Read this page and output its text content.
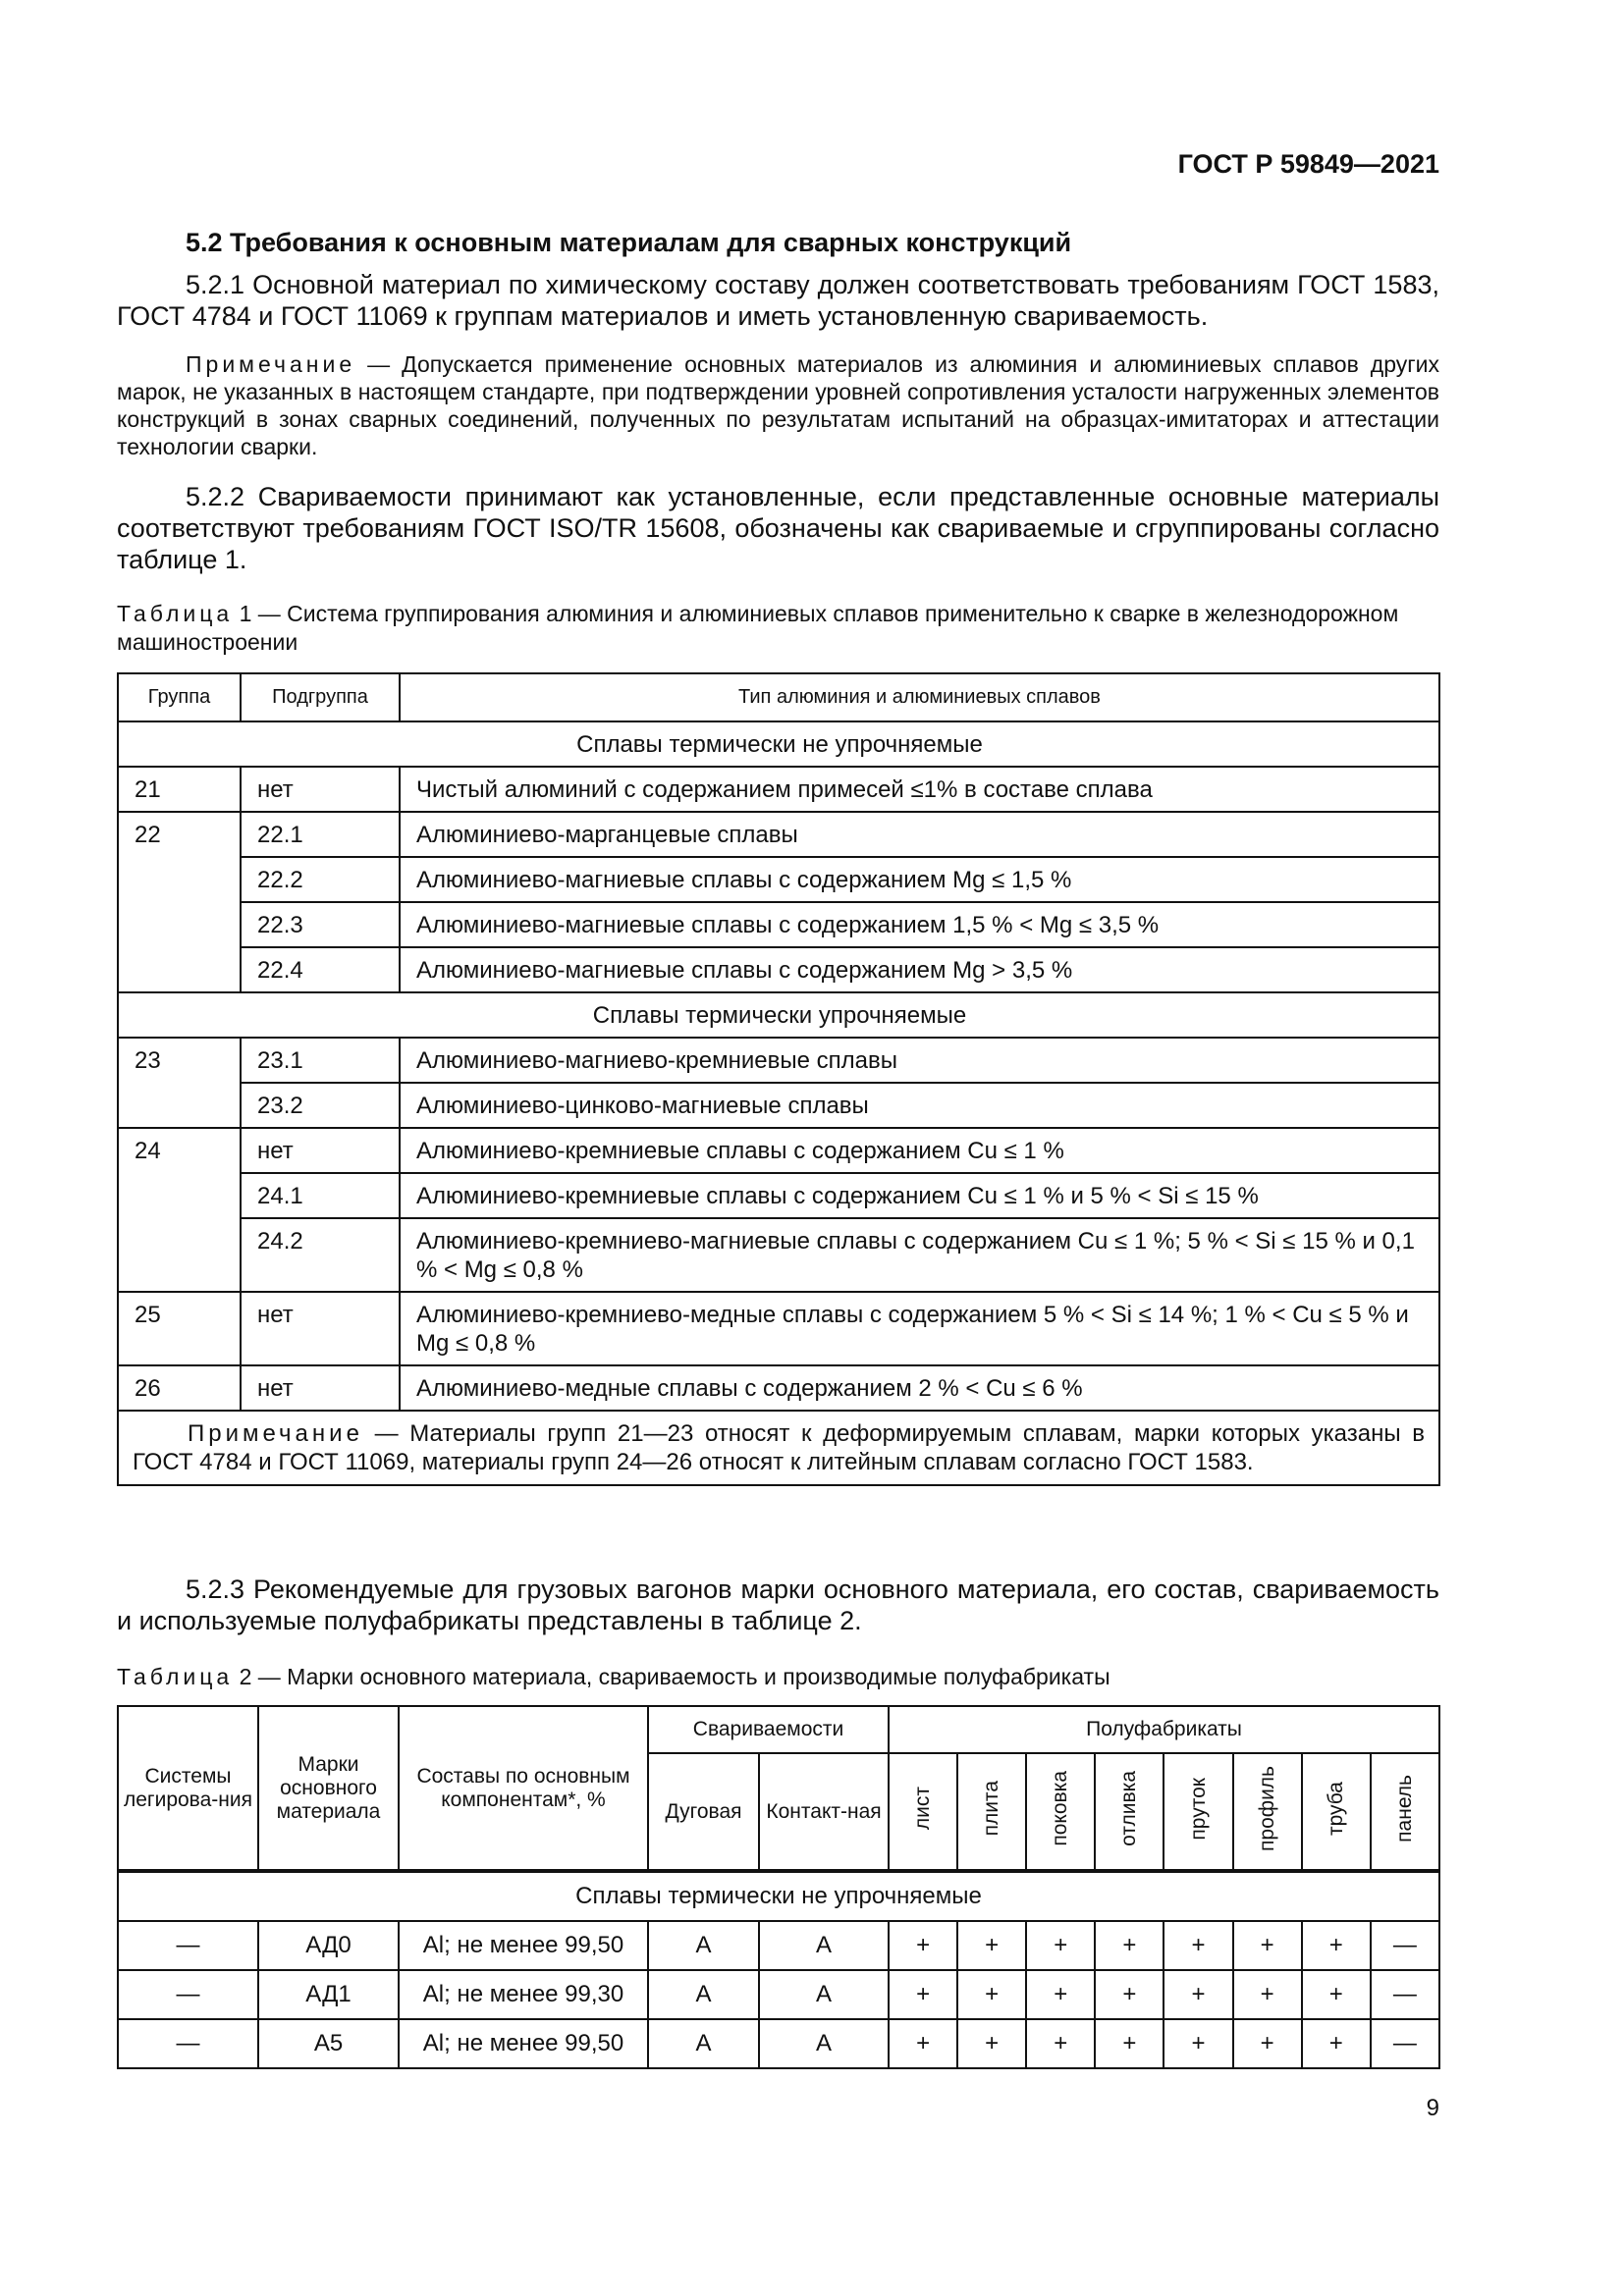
ГОСТ Р 59849—2021
5.2 Требования к основным материалам для сварных конструкций
5.2.1 Основной материал по химическому составу должен соответствовать требованиям ГОСТ 1583, ГОСТ 4784 и ГОСТ 11069 к группам материалов и иметь установленную свариваемость.
Примечание — Допускается применение основных материалов из алюминия и алюминиевых сплавов других марок, не указанных в настоящем стандарте, при подтверждении уровней сопротивления усталости нагруженных элементов конструкций в зонах сварных соединений, полученных по результатам испытаний на образцах-имитаторах и аттестации технологии сварки.
5.2.2 Свариваемости принимают как установленные, если представленные основные материалы соответствуют требованиям ГОСТ ISO/TR 15608, обозначены как свариваемые и сгруппированы согласно таблице 1.
Таблица 1 — Система группирования алюминия и алюминиевых сплавов применительно к сварке в железнодорожном машиностроении
Группа	Подгруппа	Тип алюминия и алюминиевых сплавов
Сплавы термически не упрочняемые		
21	нет	Чистый алюминий с содержанием примесей ≤1% в составе сплава
22	22.1	Алюминиево-марганцевые сплавы
	22.2	Алюминиево-магниевые сплавы с содержанием Mg ≤ 1,5 %
	22.3	Алюминиево-магниевые сплавы с содержанием 1,5 % < Mg ≤ 3,5 %
	22.4	Алюминиево-магниевые сплавы с содержанием Mg > 3,5 %
Сплавы термически упрочняемые		
23	23.1	Алюминиево-магниево-кремниевые сплавы
	23.2	Алюминиево-цинково-магниевые сплавы
24	нет	Алюминиево-кремниевые сплавы с содержанием Cu ≤ 1 %
	24.1	Алюминиево-кремниевые сплавы с содержанием Cu ≤ 1 % и 5 % < Si ≤ 15 %
	24.2	Алюминиево-кремниево-магниевые сплавы с содержанием Cu ≤ 1 %; 5 % < Si ≤ 15 % и 0,1 % < Mg ≤ 0,8 %
25	нет	Алюминиево-кремниево-медные сплавы с содержанием 5 % < Si ≤ 14 %; 1 % < Cu ≤ 5 % и Mg ≤ 0,8 %
26	нет	Алюминиево-медные сплавы с содержанием 2 % < Cu ≤ 6 %
Примечание — Материалы групп 21—23 относят к деформируемым сплавам, марки которых указаны в ГОСТ 4784 и ГОСТ 11069, материалы групп 24—26 относят к литейным сплавам согласно ГОСТ 1583.		
5.2.3 Рекомендуемые для грузовых вагонов марки основного материала, его состав, свариваемость и используемые полуфабрикаты представлены в таблице 2.
Таблица 2 — Марки основного материала, свариваемость и производимые полуфабрикаты
Системы легирова-ния	Марки основного материала	Составы по основным компонентам*, %	Свариваемости		Полуфабрикаты							
			Дуговая	Контакт-ная	лист	плита	поковка	отливка	пруток	профиль	труба	панель
Сплавы термически не упрочняемые												
—	АД0	Al; не менее 99,50	A	A	+	+	+	+	+	+	+	—
—	АД1	Al; не менее 99,30	A	A	+	+	+	+	+	+	+	—
—	А5	Al; не менее 99,50	A	A	+	+	+	+	+	+	+	—
9
